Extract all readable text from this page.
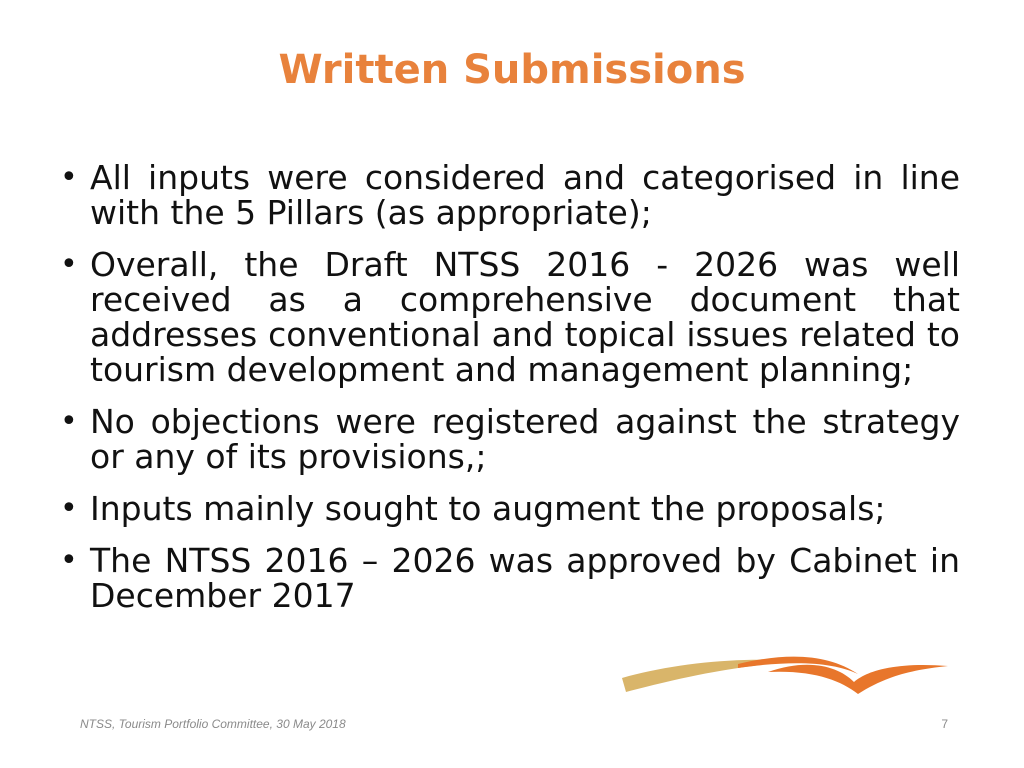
Written Submissions
• All inputs were considered and categorised in line with the 5 Pillars (as appropriate);
• Overall, the Draft NTSS 2016 - 2026 was well received as a comprehensive document that addresses conventional and topical issues related to tourism development and management planning;
• No objections were registered against the strategy or any of its provisions,;
• Inputs mainly sought to augment the proposals;
• The NTSS 2016 – 2026 was approved by Cabinet in December 2017
NTSS, Tourism Portfolio Committee, 30 May 2018	7
